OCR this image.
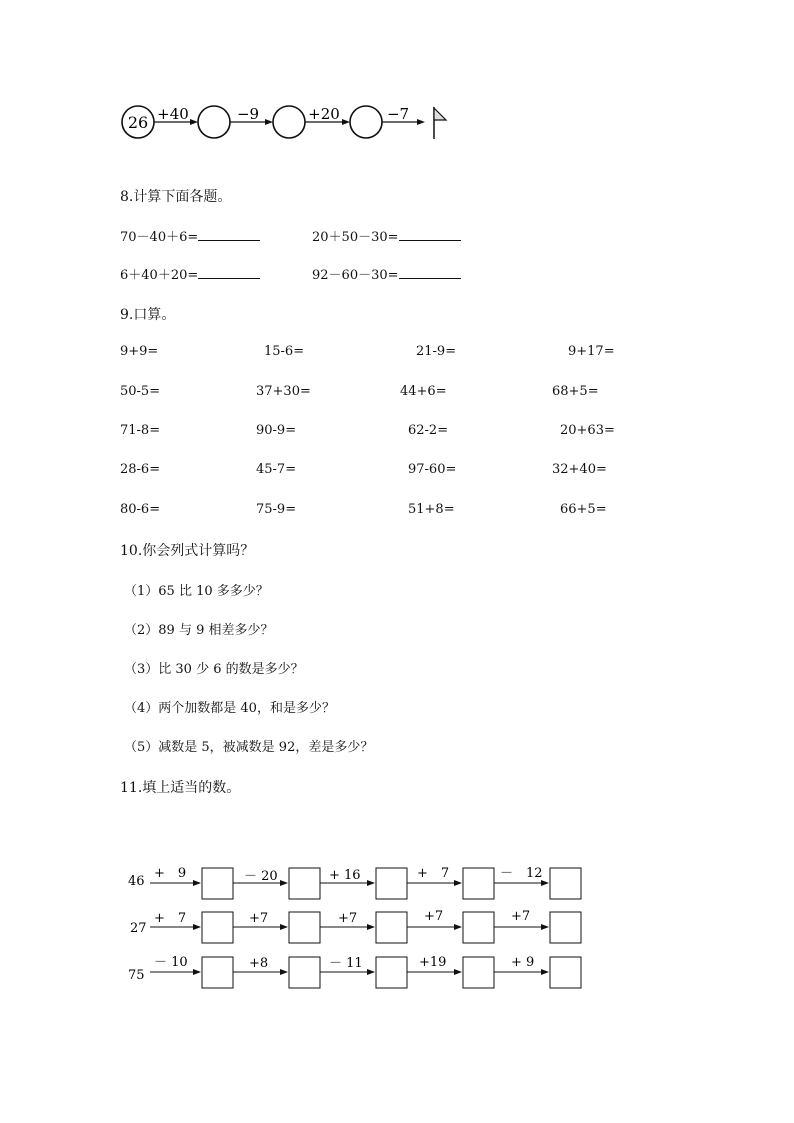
26 +40	−9	+20	−7
8.计算下面各题。
70－40＋6=	20＋50－30=
6＋40＋20=	92－60－30=
9.口算。
9+9=	15-6=	21-9=	9+17=
50-5=	37+30=	44+6=	68+5=
71-8=	90-9=	62-2=	20+63=
28-6=	45-7=	97-60=	32+40=
80-6=	75-9=	51+8=	66+5=
10.你会列式计算吗？
（1）65 比 10 多多少？
（2）89 与 9 相差多少？
（3）比 30 少 6 的数是多少？
（4）两个加数都是 40，和是多少？
（5）减数是 5，被减数是 92，差是多少？
11.填上适当的数。
46
+　9	－ 20	+ 16	+　7	－　12
27
+　7	+7	+7	+7	+7
75
－ 10	+8	－ 11	+19	+ 9
